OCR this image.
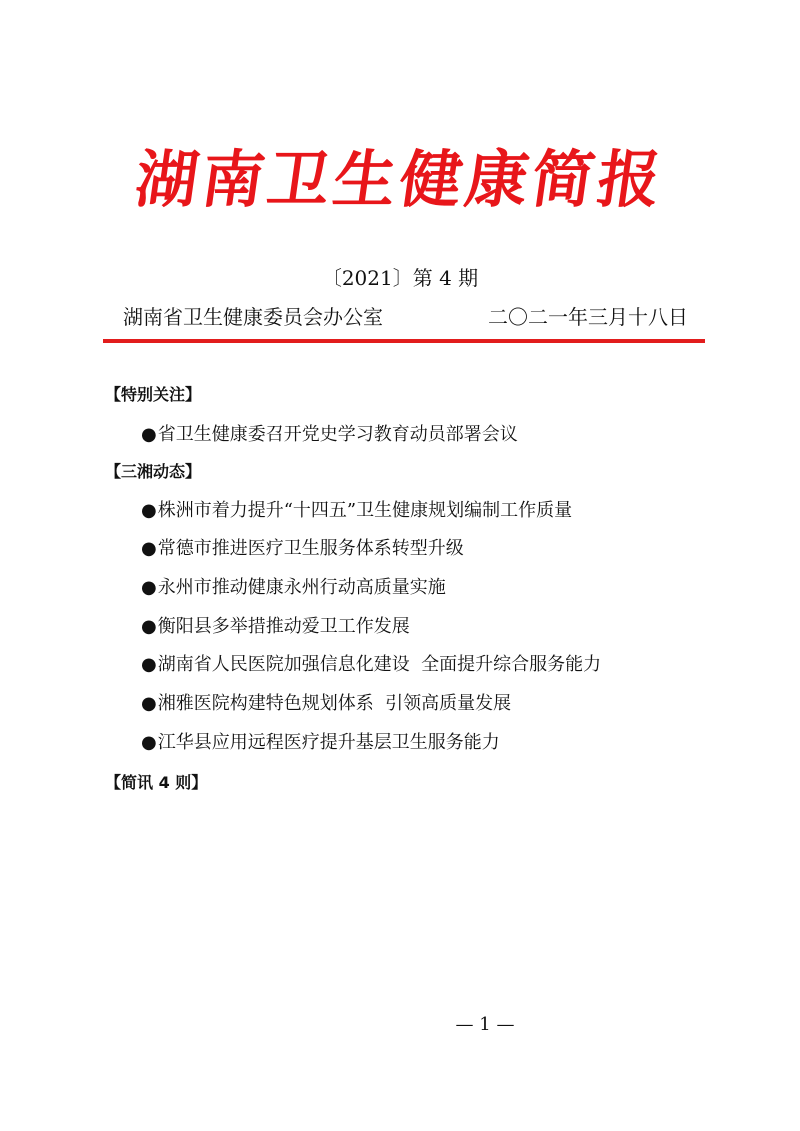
湖南卫生健康简报
〔2021〕第 4 期
湖南省卫生健康委员会办公室	二〇二一年三月十八日
【特别关注】
●省卫生健康委召开党史学习教育动员部署会议
【三湘动态】
●株洲市着力提升“十四五”卫生健康规划编制工作质量
●常德市推进医疗卫生服务体系转型升级
●永州市推动健康永州行动高质量实施
●衡阳县多举措推动爱卫工作发展
●湖南省人民医院加强信息化建设  全面提升综合服务能力
●湘雅医院构建特色规划体系  引领高质量发展
●江华县应用远程医疗提升基层卫生服务能力
【简讯 4 则】
— 1 —
